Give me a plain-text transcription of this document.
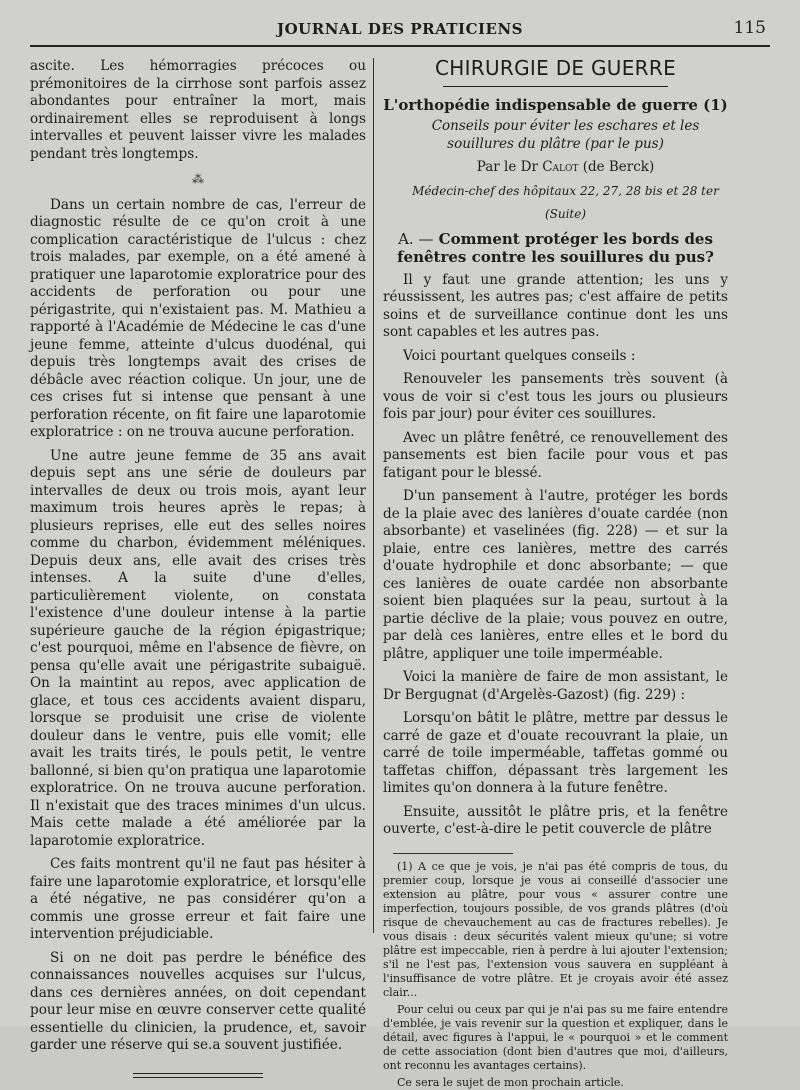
JOURNAL DES PRATICIENS	115

ascite. Les hémorragies précoces ou prémonitoires de la cirrhose sont parfois assez abondantes pour entraîner la mort, mais ordinairement elles se reproduisent à longs intervalles et peuvent laisser vivre les malades pendant très longtemps.

⁂

Dans un certain nombre de cas, l'erreur de diagnostic résulte de ce qu'on croit à une complication caractéristique de l'ulcus : chez trois malades, par exemple, on a été amené à pratiquer une laparotomie exploratrice pour des accidents de perforation ou pour une périgastrite, qui n'existaient pas. M. Mathieu a rapporté à l'Académie de Médecine le cas d'une jeune femme, atteinte d'ulcus duodénal, qui depuis très longtemps avait des crises de débâcle avec réaction colique. Un jour, une de ces crises fut si intense que pensant à une perforation récente, on fit faire une laparotomie exploratrice : on ne trouva aucune perforation.

Une autre jeune femme de 35 ans avait depuis sept ans une série de douleurs par intervalles de deux ou trois mois, ayant leur maximum trois heures après le repas; à plusieurs reprises, elle eut des selles noires comme du charbon, évidemment méléniques. Depuis deux ans, elle avait des crises très intenses. A la suite d'une d'elles, particulièrement violente, on constata l'existence d'une douleur intense à la partie supérieure gauche de la région épigastrique; c'est pourquoi, même en l'absence de fièvre, on pensa qu'elle avait une périgastrite subaiguë. On la maintint au repos, avec application de glace, et tous ces accidents avaient disparu, lorsque se produisit une crise de violente douleur dans le ventre, puis elle vomit; elle avait les traits tirés, le pouls petit, le ventre ballonné, si bien qu'on pratiqua une laparotomie exploratrice. On ne trouva aucune perforation. Il n'existait que des traces minimes d'un ulcus. Mais cette malade a été améliorée par la laparotomie exploratrice.

Ces faits montrent qu'il ne faut pas hésiter à faire une laparotomie exploratrice, et lorsqu'elle a été négative, ne pas considérer qu'on a commis une grosse erreur et fait faire une intervention préjudiciable.

Si on ne doit pas perdre le bénéfice des connaissances nouvelles acquises sur l'ulcus, dans ces dernières années, on doit cependant pour leur mise en œuvre conserver cette qualité essentielle du clinicien, la prudence, et, savoir garder une réserve qui se.a souvent justifiée.

CHIRURGIE DE GUERRE
L'orthopédie indispensable de guerre (1)

Conseils pour éviter les eschares et les souillures du plâtre (par le pus)

Par le Dr Calot (de Berck)

Médecin-chef des hôpitaux 22, 27, 28 bis et 28 ter

(Suite)

A. — Comment protéger les bords des fenêtres contre les souillures du pus?

Il y faut une grande attention; les uns y réussissent, les autres pas; c'est affaire de petits soins et de surveillance continue dont les uns sont capables et les autres pas.

Voici pourtant quelques conseils :

Renouveler les pansements très souvent (à vous de voir si c'est tous les jours ou plusieurs fois par jour) pour éviter ces souillures.

Avec un plâtre fenêtré, ce renouvellement des pansements est bien facile pour vous et pas fatigant pour le blessé.

D'un pansement à l'autre, protéger les bords de la plaie avec des lanières d'ouate cardée (non absorbante) et vaselinées (fig. 228) — et sur la plaie, entre ces lanières, mettre des carrés d'ouate hydrophile et donc absorbante; — que ces lanières de ouate cardée non absorbante soient bien plaquées sur la peau, surtout à la partie déclive de la plaie; vous pouvez en outre, par delà ces lanières, entre elles et le bord du plâtre, appliquer une toile imperméable.

Voici la manière de faire de mon assistant, le Dr Bergugnat (d'Argelès-Gazost) (fig. 229) :

Lorsqu'on bâtit le plâtre, mettre par dessus le carré de gaze et d'ouate recouvrant la plaie, un carré de toile imperméable, taffetas gommé ou taffetas chiffon, dépassant très largement les limites qu'on donnera à la future fenêtre.

Ensuite, aussitôt le plâtre pris, et la fenêtre ouverte, c'est-à-dire le petit couvercle de plâtre

(1) A ce que je vois, je n'ai pas été compris de tous, du premier coup, lorsque je vous ai conseillé d'associer une extension au plâtre, pour vous « assurer contre une imperfection, toujours possible, de vos grands plâtres (d'où risque de chevauchement au cas de fractures rebelles). Je vous disais : deux sécurités valent mieux qu'une; si votre plâtre est impeccable, rien à perdre à lui ajouter l'extension; s'il ne l'est pas, l'extension vous sauvera en suppléant à l'insuffisance de votre plâtre. Et je croyais avoir été assez clair...

Pour celui ou ceux par qui je n'ai pas su me faire entendre d'emblée, je vais revenir sur la question et expliquer, dans le détail, avec figures à l'appui, le « pourquoi » et le comment de cette association (dont bien d'autres que moi, d'ailleurs, ont reconnu les avantages certains).

Ce sera le sujet de mon prochain article.
